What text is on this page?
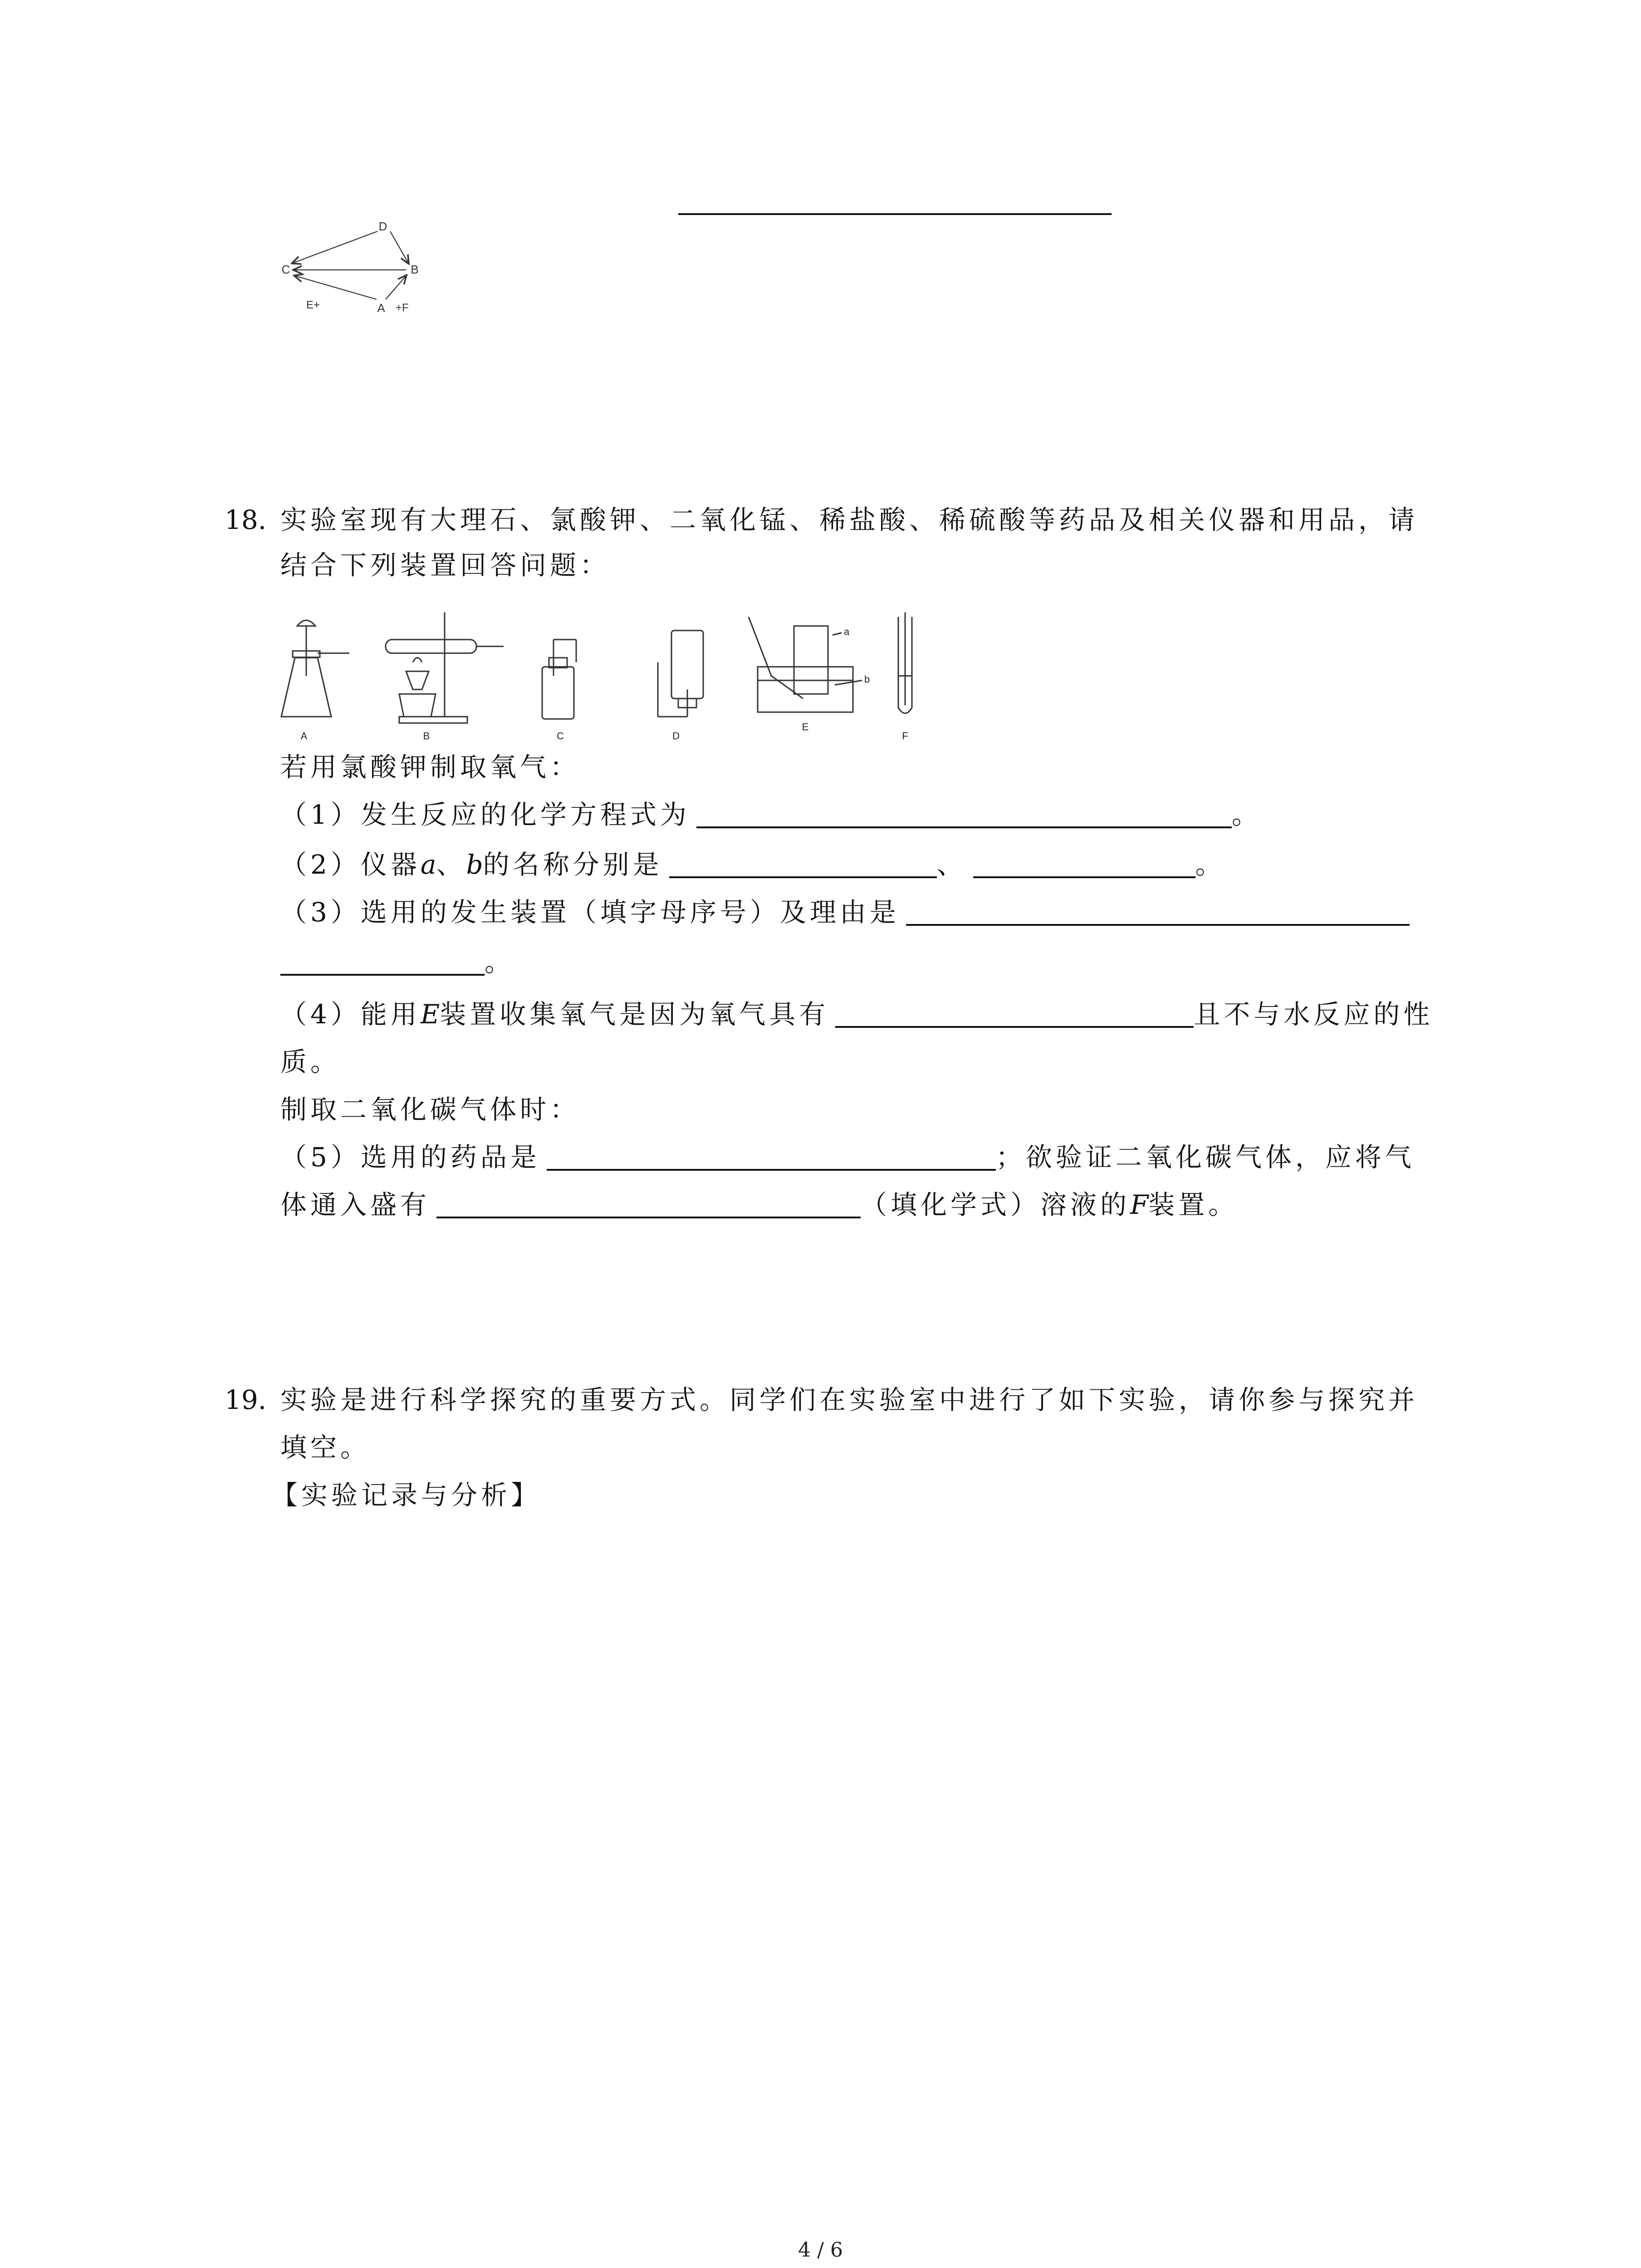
D
C	B
A
E+	+F
18. 实验室现有大理石、氯酸钾、二氧化锰、稀盐酸、稀硫酸等药品及相关仪器和用品，请
结合下列装置回答问题：
A	B	C	D
E
F
a
b
若用氯酸钾制取氧气：
（1）发生反应的化学方程式为	。
（2）仪器a、b的名称分别是	、	。
（3）选用的发生装置（填字母序号）及理由是
。
（4）能用E装置收集氧气是因为氧气具有	且不与水反应的性
质。
制取二氧化碳气体时：
（5）选用的药品是	；欲验证二氧化碳气体，应将气
体通入盛有	（填化学式）溶液的F装置。
19. 实验是进行科学探究的重要方式。同学们在实验室中进行了如下实验，请你参与探究并
填空。
【实验记录与分析】
4 / 6
